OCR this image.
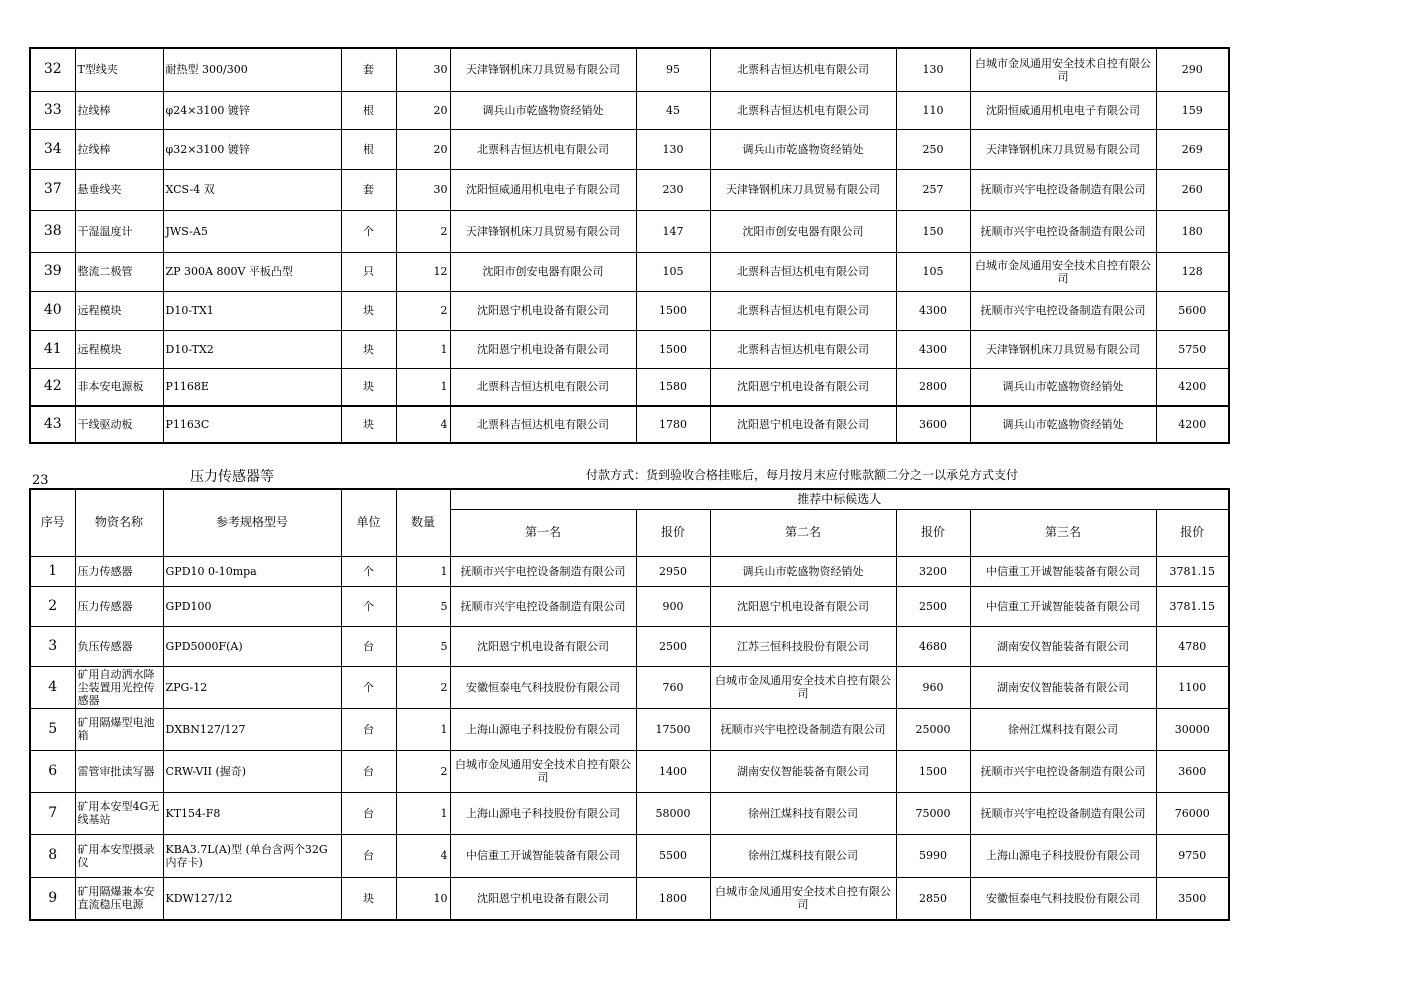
32	T型线夹	耐热型 300/300	套	30	天津锋钢机床刀具贸易有限公司	95	北票科吉恒达机电有限公司	130	白城市金凤通用安全技术自控有限公司	290
33	拉线棒	φ24×3100 镀锌	根	20	调兵山市乾盛物资经销处	45	北票科吉恒达机电有限公司	110	沈阳恒威通用机电电子有限公司	159
34	拉线棒	φ32×3100 镀锌	根	20	北票科吉恒达机电有限公司	130	调兵山市乾盛物资经销处	250	天津锋钢机床刀具贸易有限公司	269
37	悬垂线夹	XCS-4 双	套	30	沈阳恒威通用机电电子有限公司	230	天津锋钢机床刀具贸易有限公司	257	抚顺市兴宇电控设备制造有限公司	260
38	干湿温度计	JWS-A5	个	2	天津锋钢机床刀具贸易有限公司	147	沈阳市创安电器有限公司	150	抚顺市兴宇电控设备制造有限公司	180
39	整流二极管	ZP 300A 800V 平板凸型	只	12	沈阳市创安电器有限公司	105	北票科吉恒达机电有限公司	105	白城市金凤通用安全技术自控有限公司	128
40	远程模块	D10-TX1	块	2	沈阳恩宁机电设备有限公司	1500	北票科吉恒达机电有限公司	4300	抚顺市兴宇电控设备制造有限公司	5600
41	远程模块	D10-TX2	块	1	沈阳恩宁机电设备有限公司	1500	北票科吉恒达机电有限公司	4300	天津锋钢机床刀具贸易有限公司	5750
42	非本安电源板	P1168E	块	1	北票科吉恒达机电有限公司	1580	沈阳恩宁机电设备有限公司	2800	调兵山市乾盛物资经销处	4200
43	干线驱动板	P1163C	块	4	北票科吉恒达机电有限公司	1780	沈阳恩宁机电设备有限公司	3600	调兵山市乾盛物资经销处	4200
23	压力传感器等	付款方式：货到验收合格挂账后，每月按月末应付账款额二分之一以承兑方式支付
序号	物资名称	参考规格型号	单位	数量	推荐中标候选人					
					第一名	报价	第二名	报价	第三名	报价
1	压力传感器	GPD10 0-10mpa	个	1	抚顺市兴宇电控设备制造有限公司	2950	调兵山市乾盛物资经销处	3200	中信重工开诚智能装备有限公司	3781.15
2	压力传感器	GPD100	个	5	抚顺市兴宇电控设备制造有限公司	900	沈阳恩宁机电设备有限公司	2500	中信重工开诚智能装备有限公司	3781.15
3	负压传感器	GPD5000F(A)	台	5	沈阳恩宁机电设备有限公司	2500	江苏三恒科技股份有限公司	4680	湖南安仪智能装备有限公司	4780
4	矿用自动洒水降尘装置用光控传感器	ZPG-12	个	2	安徽恒泰电气科技股份有限公司	760	白城市金凤通用安全技术自控有限公司	960	湖南安仪智能装备有限公司	1100
5	矿用隔爆型电池箱	DXBN127/127	台	1	上海山源电子科技股份有限公司	17500	抚顺市兴宇电控设备制造有限公司	25000	徐州江煤科技有限公司	30000
6	雷管审批读写器	CRW-VII (握奇)	台	2	白城市金凤通用安全技术自控有限公司	1400	湖南安仪智能装备有限公司	1500	抚顺市兴宇电控设备制造有限公司	3600
7	矿用本安型4G无线基站	KT154-F8	台	1	上海山源电子科技股份有限公司	58000	徐州江煤科技有限公司	75000	抚顺市兴宇电控设备制造有限公司	76000
8	矿用本安型摄录仪	KBA3.7L(A)型 (单台含两个32G内存卡)	台	4	中信重工开诚智能装备有限公司	5500	徐州江煤科技有限公司	5990	上海山源电子科技股份有限公司	9750
9	矿用隔爆兼本安直流稳压电源	KDW127/12	块	10	沈阳恩宁机电设备有限公司	1800	白城市金凤通用安全技术自控有限公司	2850	安徽恒泰电气科技股份有限公司	3500
